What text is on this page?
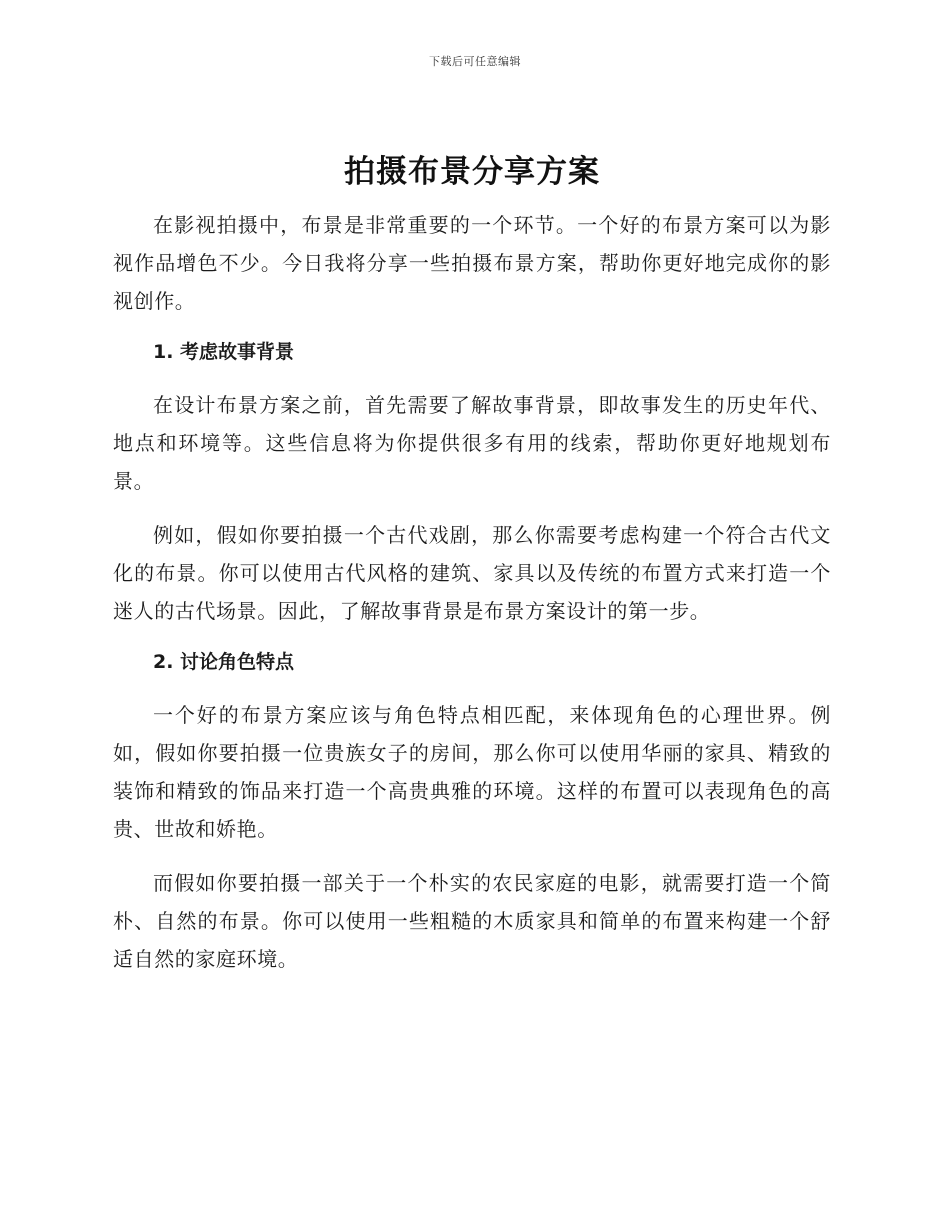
下载后可任意编辑
拍摄布景分享方案

在影视拍摄中，布景是非常重要的一个环节。一个好的布景方案可以为影视作品增色不少。今日我将分享一些拍摄布景方案，帮助你更好地完成你的影视创作。

1. 考虑故事背景

在设计布景方案之前，首先需要了解故事背景，即故事发生的历史年代、地点和环境等。这些信息将为你提供很多有用的线索，帮助你更好地规划布景。

例如，假如你要拍摄一个古代戏剧，那么你需要考虑构建一个符合古代文化的布景。你可以使用古代风格的建筑、家具以及传统的布置方式来打造一个迷人的古代场景。因此，了解故事背景是布景方案设计的第一步。

2. 讨论角色特点

一个好的布景方案应该与角色特点相匹配，来体现角色的心理世界。例如，假如你要拍摄一位贵族女子的房间，那么你可以使用华丽的家具、精致的装饰和精致的饰品来打造一个高贵典雅的环境。这样的布置可以表现角色的高贵、世故和娇艳。

而假如你要拍摄一部关于一个朴实的农民家庭的电影，就需要打造一个简朴、自然的布景。你可以使用一些粗糙的木质家具和简单的布置来构建一个舒适自然的家庭环境。
